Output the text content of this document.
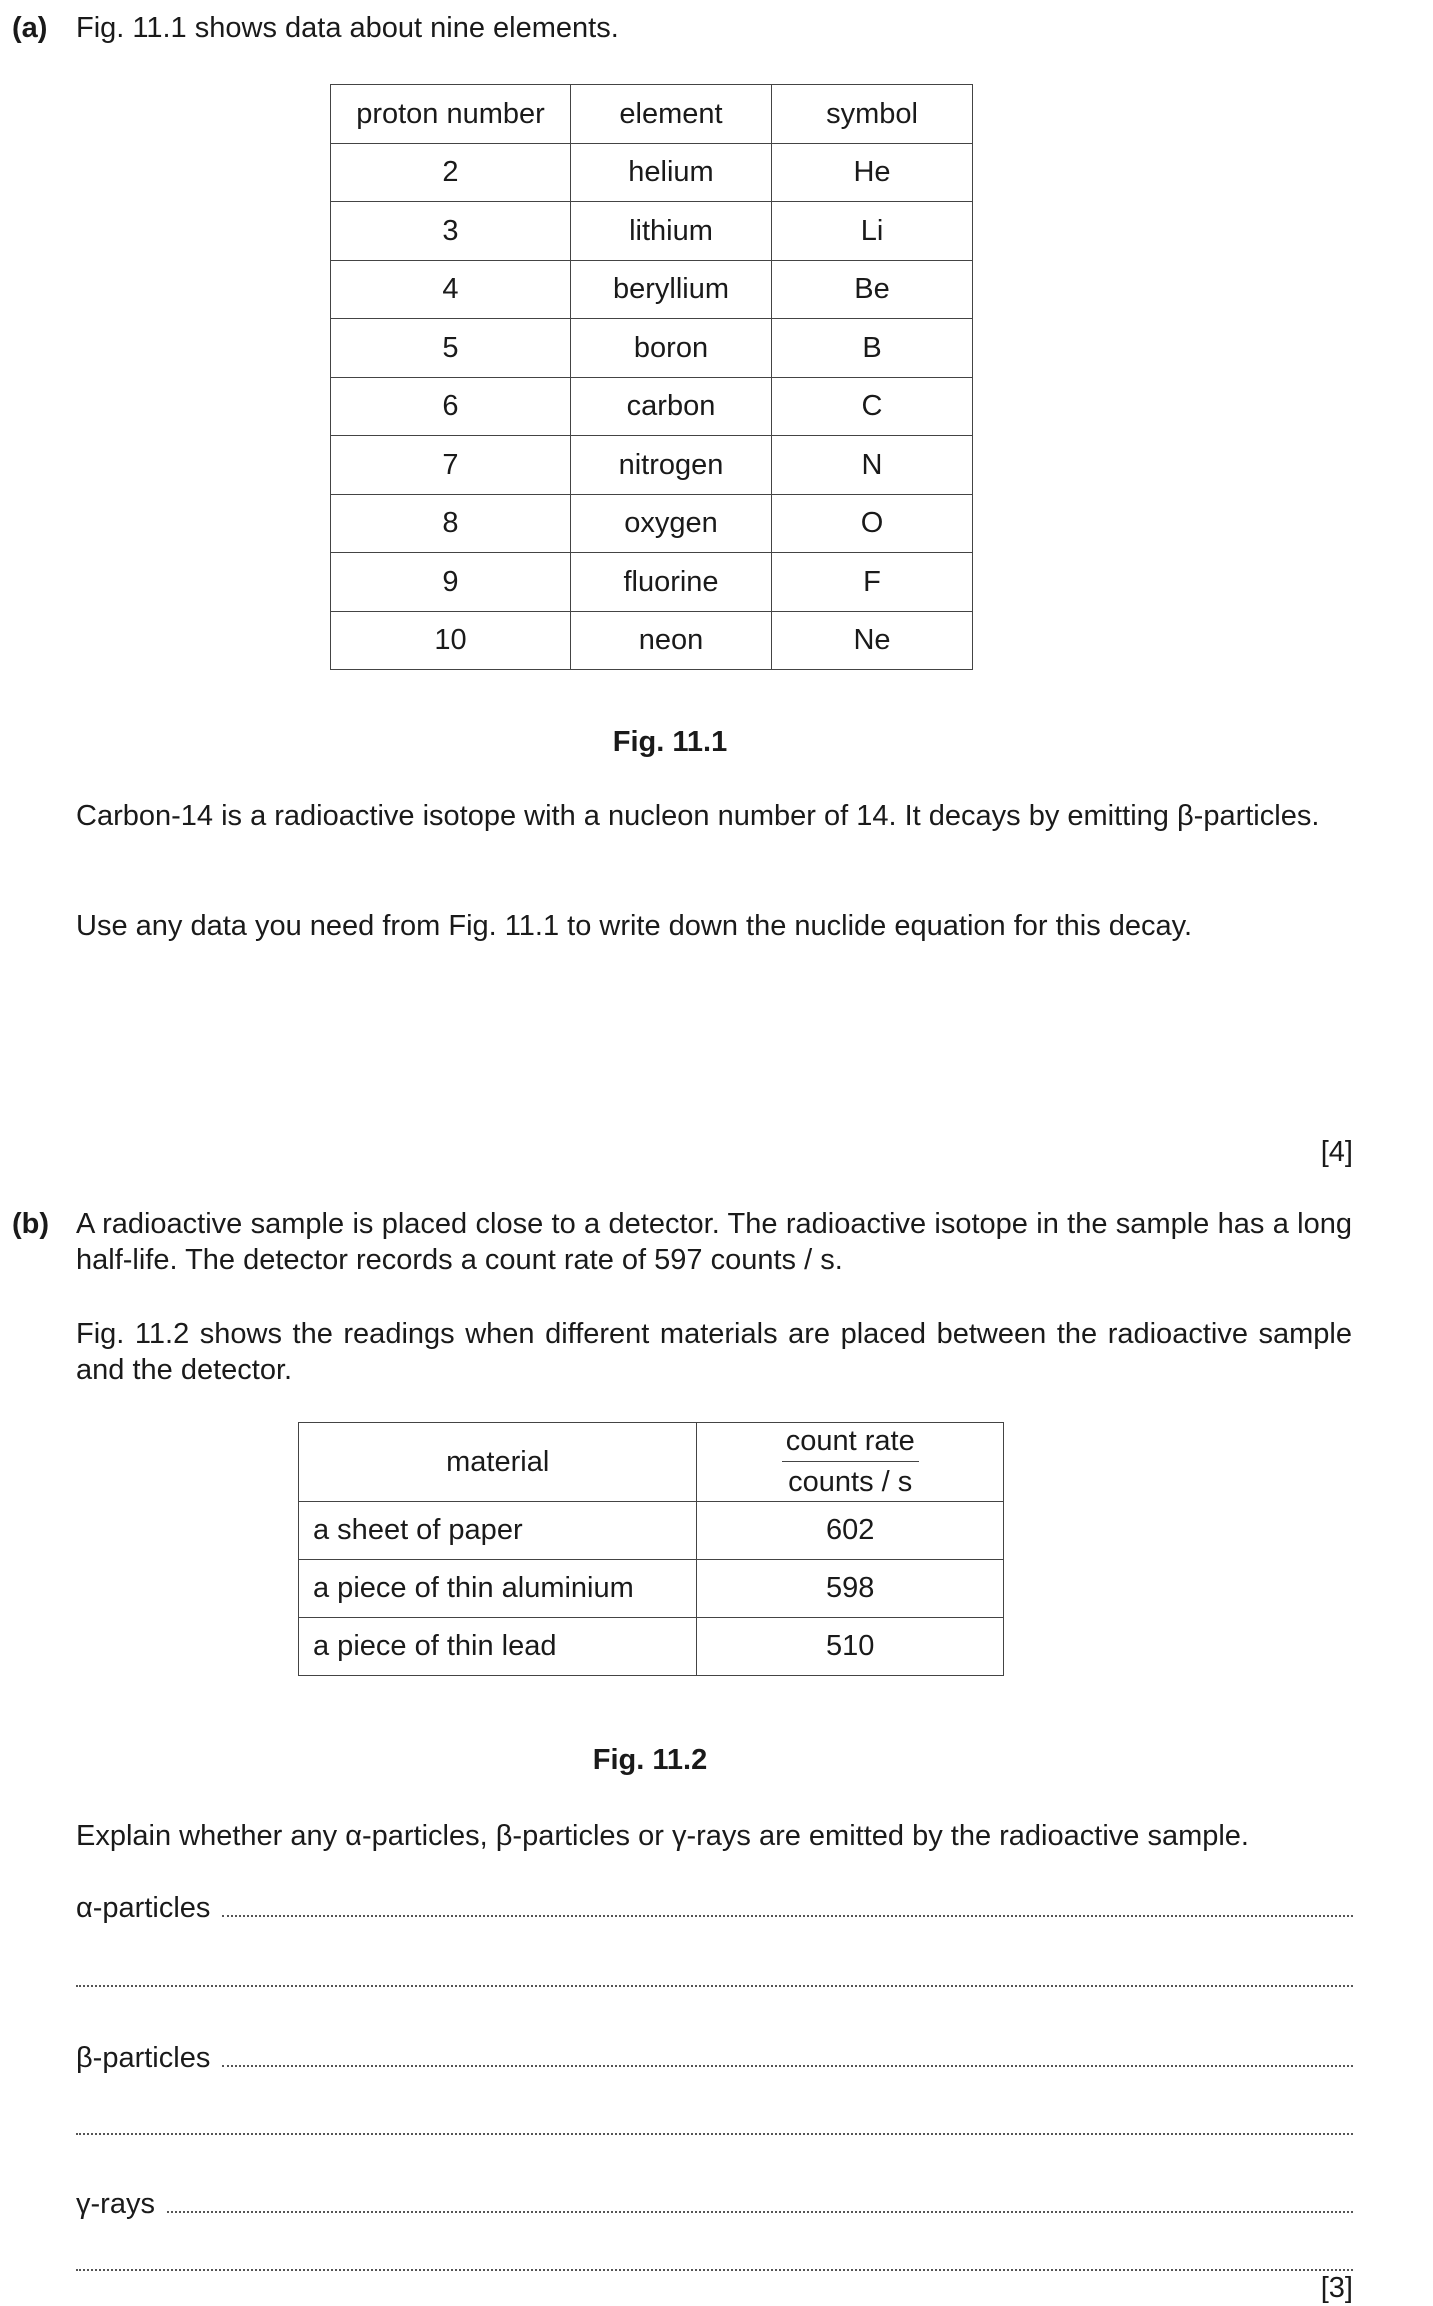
(a) Fig. 11.1 shows data about nine elements.
proton number	element	symbol
2	helium	He
3	lithium	Li
4	beryllium	Be
5	boron	B
6	carbon	C
7	nitrogen	N
8	oxygen	O
9	fluorine	F
10	neon	Ne
Fig. 11.1
Carbon-14 is a radioactive isotope with a nucleon number of 14. It decays by emitting β-particles.
Use any data you need from Fig. 11.1 to write down the nuclide equation for this decay.
[4]
(b) A radioactive sample is placed close to a detector. The radioactive isotope in the sample has a long half-life. The detector records a count rate of 597 counts / s.
Fig. 11.2 shows the readings when different materials are placed between the radioactive sample and the detector.
material	count rate
counts / s

a sheet of paper	602
a piece of thin aluminium	598
a piece of thin lead	510
Fig. 11.2
Explain whether any α-particles, β-particles or γ-rays are emitted by the radioactive sample.
α-particles
β-particles
γ-rays
[3]
